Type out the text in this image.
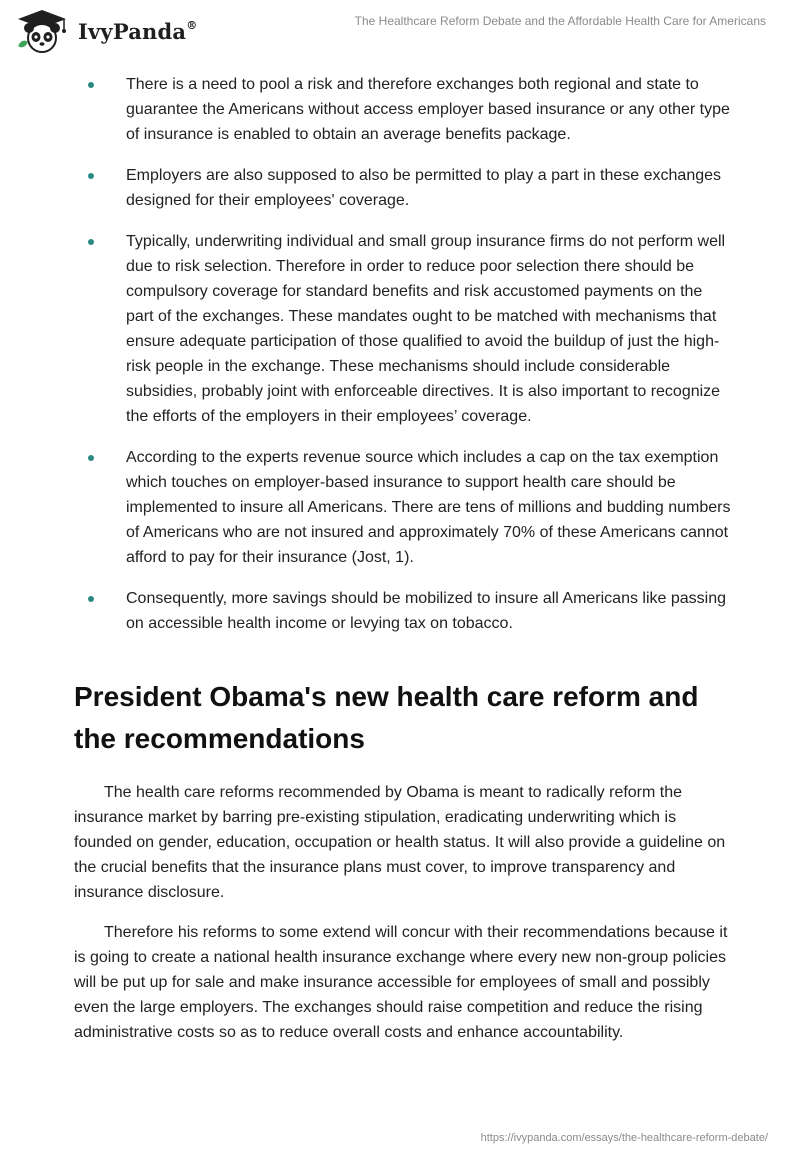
IvyPanda®	The Healthcare Reform Debate and the Affordable Health Care for Americans
There is a need to pool a risk and therefore exchanges both regional and state to guarantee the Americans without access employer based insurance or any other type of insurance is enabled to obtain an average benefits package.
Employers are also supposed to also be permitted to play a part in these exchanges designed for their employees' coverage.
Typically, underwriting individual and small group insurance firms do not perform well due to risk selection. Therefore in order to reduce poor selection there should be compulsory coverage for standard benefits and risk accustomed payments on the part of the exchanges. These mandates ought to be matched with mechanisms that ensure adequate participation of those qualified to avoid the buildup of just the high-risk people in the exchange. These mechanisms should include considerable subsidies, probably joint with enforceable directives. It is also important to recognize the efforts of the employers in their employees’ coverage.
According to the experts revenue source which includes a cap on the tax exemption which touches on employer-based insurance to support health care should be implemented to insure all Americans. There are tens of millions and budding numbers of Americans who are not insured and approximately 70% of these Americans cannot afford to pay for their insurance (Jost, 1).
Consequently, more savings should be mobilized to insure all Americans like passing on accessible health income or levying tax on tobacco.
President Obama's new health care reform and the recommendations

The health care reforms recommended by Obama is meant to radically reform the insurance market by barring pre-existing stipulation, eradicating underwriting which is founded on gender, education, occupation or health status. It will also provide a guideline on the crucial benefits that the insurance plans must cover, to improve transparency and insurance disclosure.

Therefore his reforms to some extend will concur with their recommendations because it is going to create a national health insurance exchange where every new non-group policies will be put up for sale and make insurance accessible for employees of small and possibly even the large employers. The exchanges should raise competition and reduce the rising administrative costs so as to reduce overall costs and enhance accountability.

https://ivypanda.com/essays/the-healthcare-reform-debate/
